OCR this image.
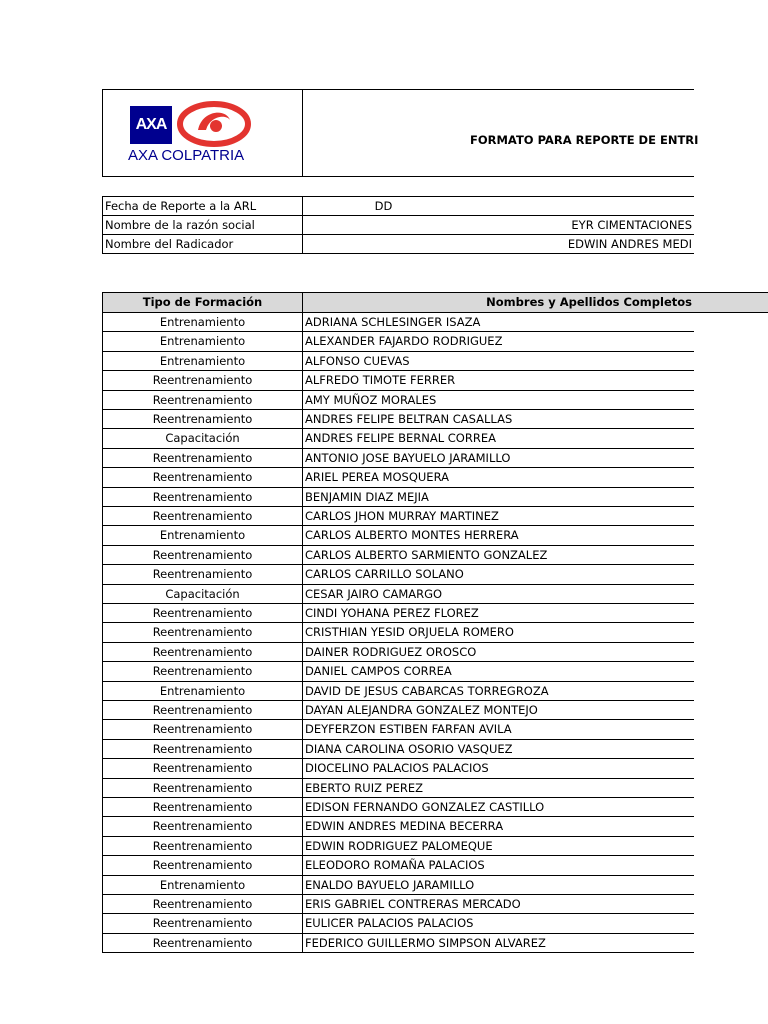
AXA
AXA COLPATRIA
FORMATO PARA REPORTE DE ENTRI
Fecha de Reporte a la ARL	DD
Nombre de la razón social	EYR CIMENTACIONES
Nombre del Radicador	EDWIN ANDRES MEDI
Tipo de Formación	Nombres y Apellidos Completos
Entrenamiento	ADRIANA SCHLESINGER ISAZA
Entrenamiento	ALEXANDER FAJARDO RODRIGUEZ
Entrenamiento	ALFONSO CUEVAS
Reentrenamiento	ALFREDO TIMOTE FERRER
Reentrenamiento	AMY MUÑOZ MORALES
Reentrenamiento	ANDRES FELIPE BELTRAN CASALLAS
Capacitación	ANDRES FELIPE BERNAL CORREA
Reentrenamiento	ANTONIO JOSE BAYUELO JARAMILLO
Reentrenamiento	ARIEL PEREA MOSQUERA
Reentrenamiento	BENJAMIN DIAZ MEJIA
Reentrenamiento	CARLOS JHON MURRAY MARTINEZ
Entrenamiento	CARLOS ALBERTO MONTES HERRERA
Reentrenamiento	CARLOS ALBERTO SARMIENTO GONZALEZ
Reentrenamiento	CARLOS CARRILLO SOLANO
Capacitación	CESAR JAIRO CAMARGO
Reentrenamiento	CINDI YOHANA PEREZ FLOREZ
Reentrenamiento	CRISTHIAN YESID ORJUELA ROMERO
Reentrenamiento	DAINER RODRIGUEZ OROSCO
Reentrenamiento	DANIEL CAMPOS CORREA
Entrenamiento	DAVID DE JESUS CABARCAS TORREGROZA
Reentrenamiento	DAYAN ALEJANDRA GONZALEZ MONTEJO
Reentrenamiento	DEYFERZON ESTIBEN FARFAN AVILA
Reentrenamiento	DIANA CAROLINA OSORIO VASQUEZ
Reentrenamiento	DIOCELINO PALACIOS PALACIOS
Reentrenamiento	EBERTO RUIZ PEREZ
Reentrenamiento	EDISON FERNANDO GONZALEZ CASTILLO
Reentrenamiento	EDWIN ANDRES MEDINA BECERRA
Reentrenamiento	EDWIN RODRIGUEZ PALOMEQUE
Reentrenamiento	ELEODORO ROMAÑA PALACIOS
Entrenamiento	ENALDO BAYUELO JARAMILLO
Reentrenamiento	ERIS GABRIEL CONTRERAS MERCADO
Reentrenamiento	EULICER PALACIOS PALACIOS
Reentrenamiento	FEDERICO GUILLERMO SIMPSON ALVAREZ
